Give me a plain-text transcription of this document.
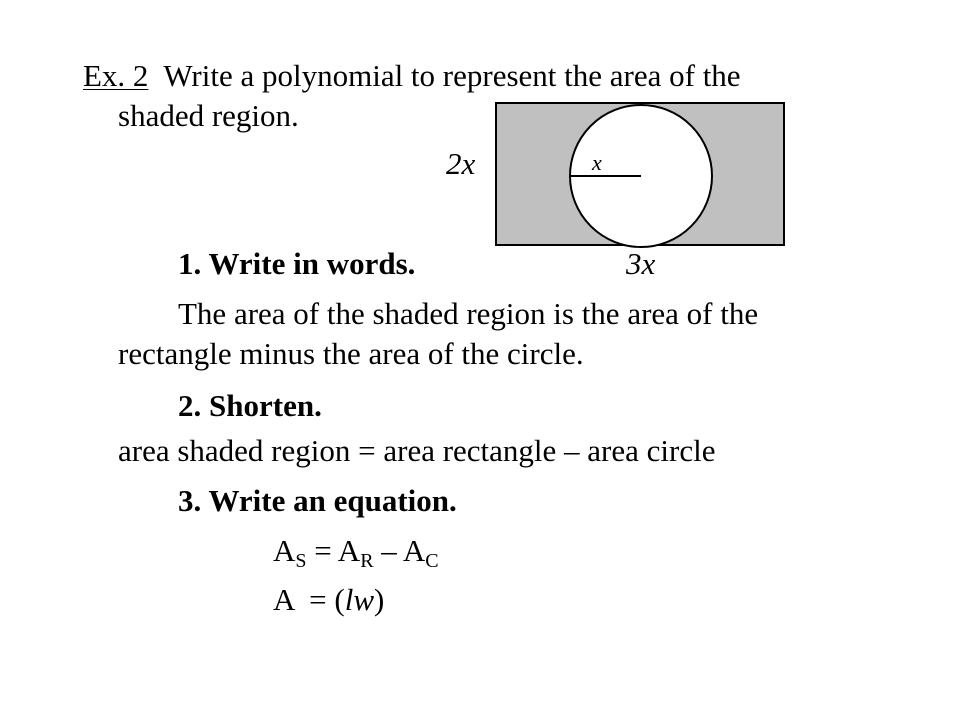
Ex. 2 Write a polynomial to represent the area of the
shaded region.
2x	x
3x
1. Write in words.
The area of the shaded region is the area of the
rectangle minus the area of the circle.
2. Shorten.
area shaded region = area rectangle – area circle
3. Write an equation.
$A_S = A_R - A_C$
A  = (lw)
